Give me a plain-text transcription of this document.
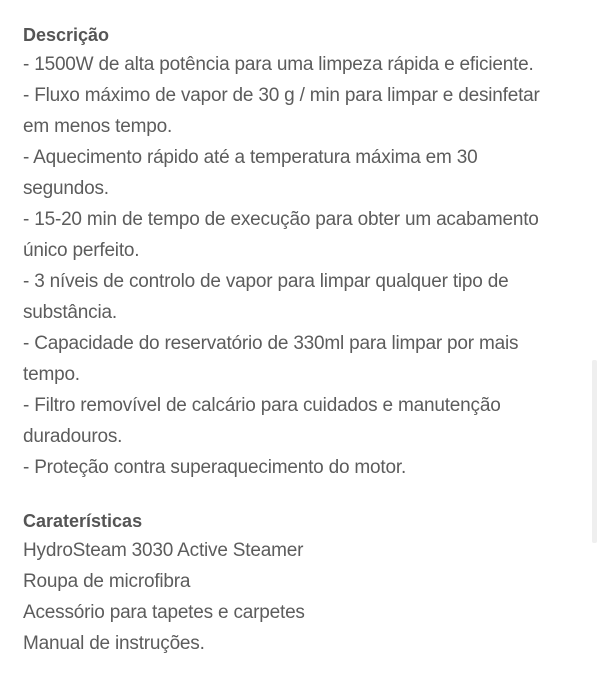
Descrição

- 1500W de alta potência para uma limpeza rápida e eficiente.

- Fluxo máximo de vapor de 30 g / min para limpar e desinfetar

em menos tempo.

- Aquecimento rápido até a temperatura máxima em 30

segundos.

- 15-20 min de tempo de execução para obter um acabamento

único perfeito.

- 3 níveis de controlo de vapor para limpar qualquer tipo de

substância.

- Capacidade do reservatório de 330ml para limpar por mais

tempo.

- Filtro removível de calcário para cuidados e manutenção

duradouros.

- Proteção contra superaquecimento do motor.

Caraterísticas

HydroSteam 3030 Active Steamer

Roupa de microfibra

Acessório para tapetes e carpetes

Manual de instruções.
